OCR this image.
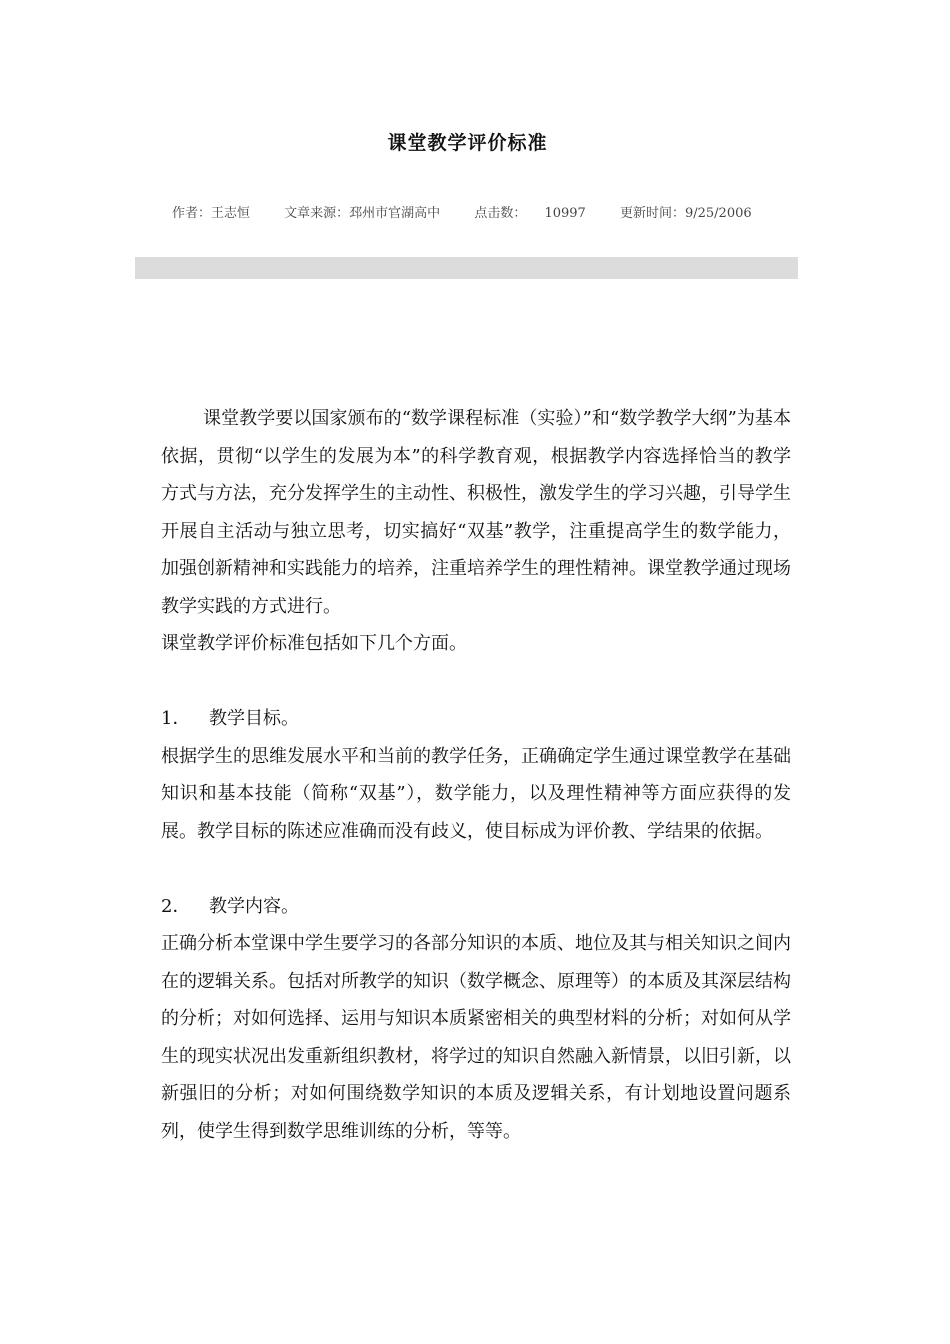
课堂教学评价标准
作者：王志恒	文章来源：邳州市官湖高中	点击数： 10997	更新时间：9/25/2006

课堂教学要以国家颁布的“数学课程标准（实验）”和“数学教学大纲”为基本依据，贯彻“以学生的发展为本”的科学教育观，根据教学内容选择恰当的教学方式与方法，充分发挥学生的主动性、积极性，激发学生的学习兴趣，引导学生开展自主活动与独立思考，切实搞好“双基”教学，注重提高学生的数学能力，加强创新精神和实践能力的培养，注重培养学生的理性精神。课堂教学通过现场教学实践的方式进行。

课堂教学评价标准包括如下几个方面。

1． 教学目标。

根据学生的思维发展水平和当前的教学任务，正确确定学生通过课堂教学在基础知识和基本技能（简称“双基”），数学能力，以及理性精神等方面应获得的发展。教学目标的陈述应准确而没有歧义，使目标成为评价教、学结果的依据。

2． 教学内容。

正确分析本堂课中学生要学习的各部分知识的本质、地位及其与相关知识之间内在的逻辑关系。包括对所教学的知识（数学概念、原理等）的本质及其深层结构的分析；对如何选择、运用与知识本质紧密相关的典型材料的分析；对如何从学生的现实状况出发重新组织教材，将学过的知识自然融入新情景，以旧引新，以新强旧的分析；对如何围绕数学知识的本质及逻辑关系，有计划地设置问题系列，使学生得到数学思维训练的分析，等等。
